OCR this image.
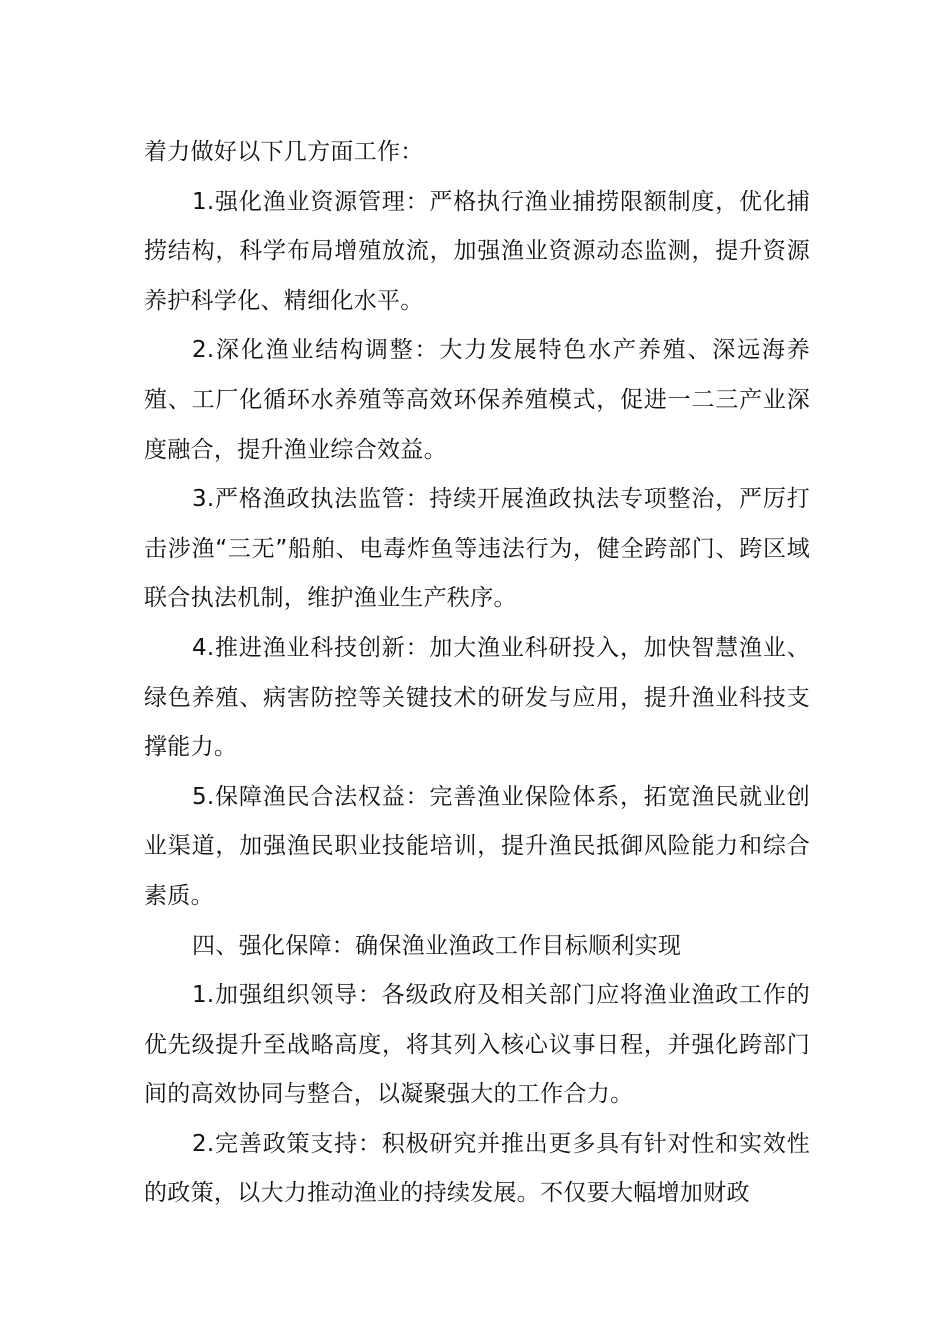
着力做好以下几方面工作：

1.强化渔业资源管理：严格执行渔业捕捞限额制度，优化捕捞结构，科学布局增殖放流，加强渔业资源动态监测，提升资源养护科学化、精细化水平。

2.深化渔业结构调整：大力发展特色水产养殖、深远海养殖、工厂化循环水养殖等高效环保养殖模式，促进一二三产业深度融合，提升渔业综合效益。

3.严格渔政执法监管：持续开展渔政执法专项整治，严厉打击涉渔“三无”船舶、电毒炸鱼等违法行为，健全跨部门、跨区域联合执法机制，维护渔业生产秩序。

4.推进渔业科技创新：加大渔业科研投入，加快智慧渔业、绿色养殖、病害防控等关键技术的研发与应用，提升渔业科技支撑能力。

5.保障渔民合法权益：完善渔业保险体系，拓宽渔民就业创业渠道，加强渔民职业技能培训，提升渔民抵御风险能力和综合素质。

四、强化保障：确保渔业渔政工作目标顺利实现

1.加强组织领导：各级政府及相关部门应将渔业渔政工作的优先级提升至战略高度，将其列入核心议事日程，并强化跨部门间的高效协同与整合，以凝聚强大的工作合力。

2.完善政策支持：积极研究并推出更多具有针对性和实效性的政策，以大力推动渔业的持续发展。不仅要大幅增加财政
